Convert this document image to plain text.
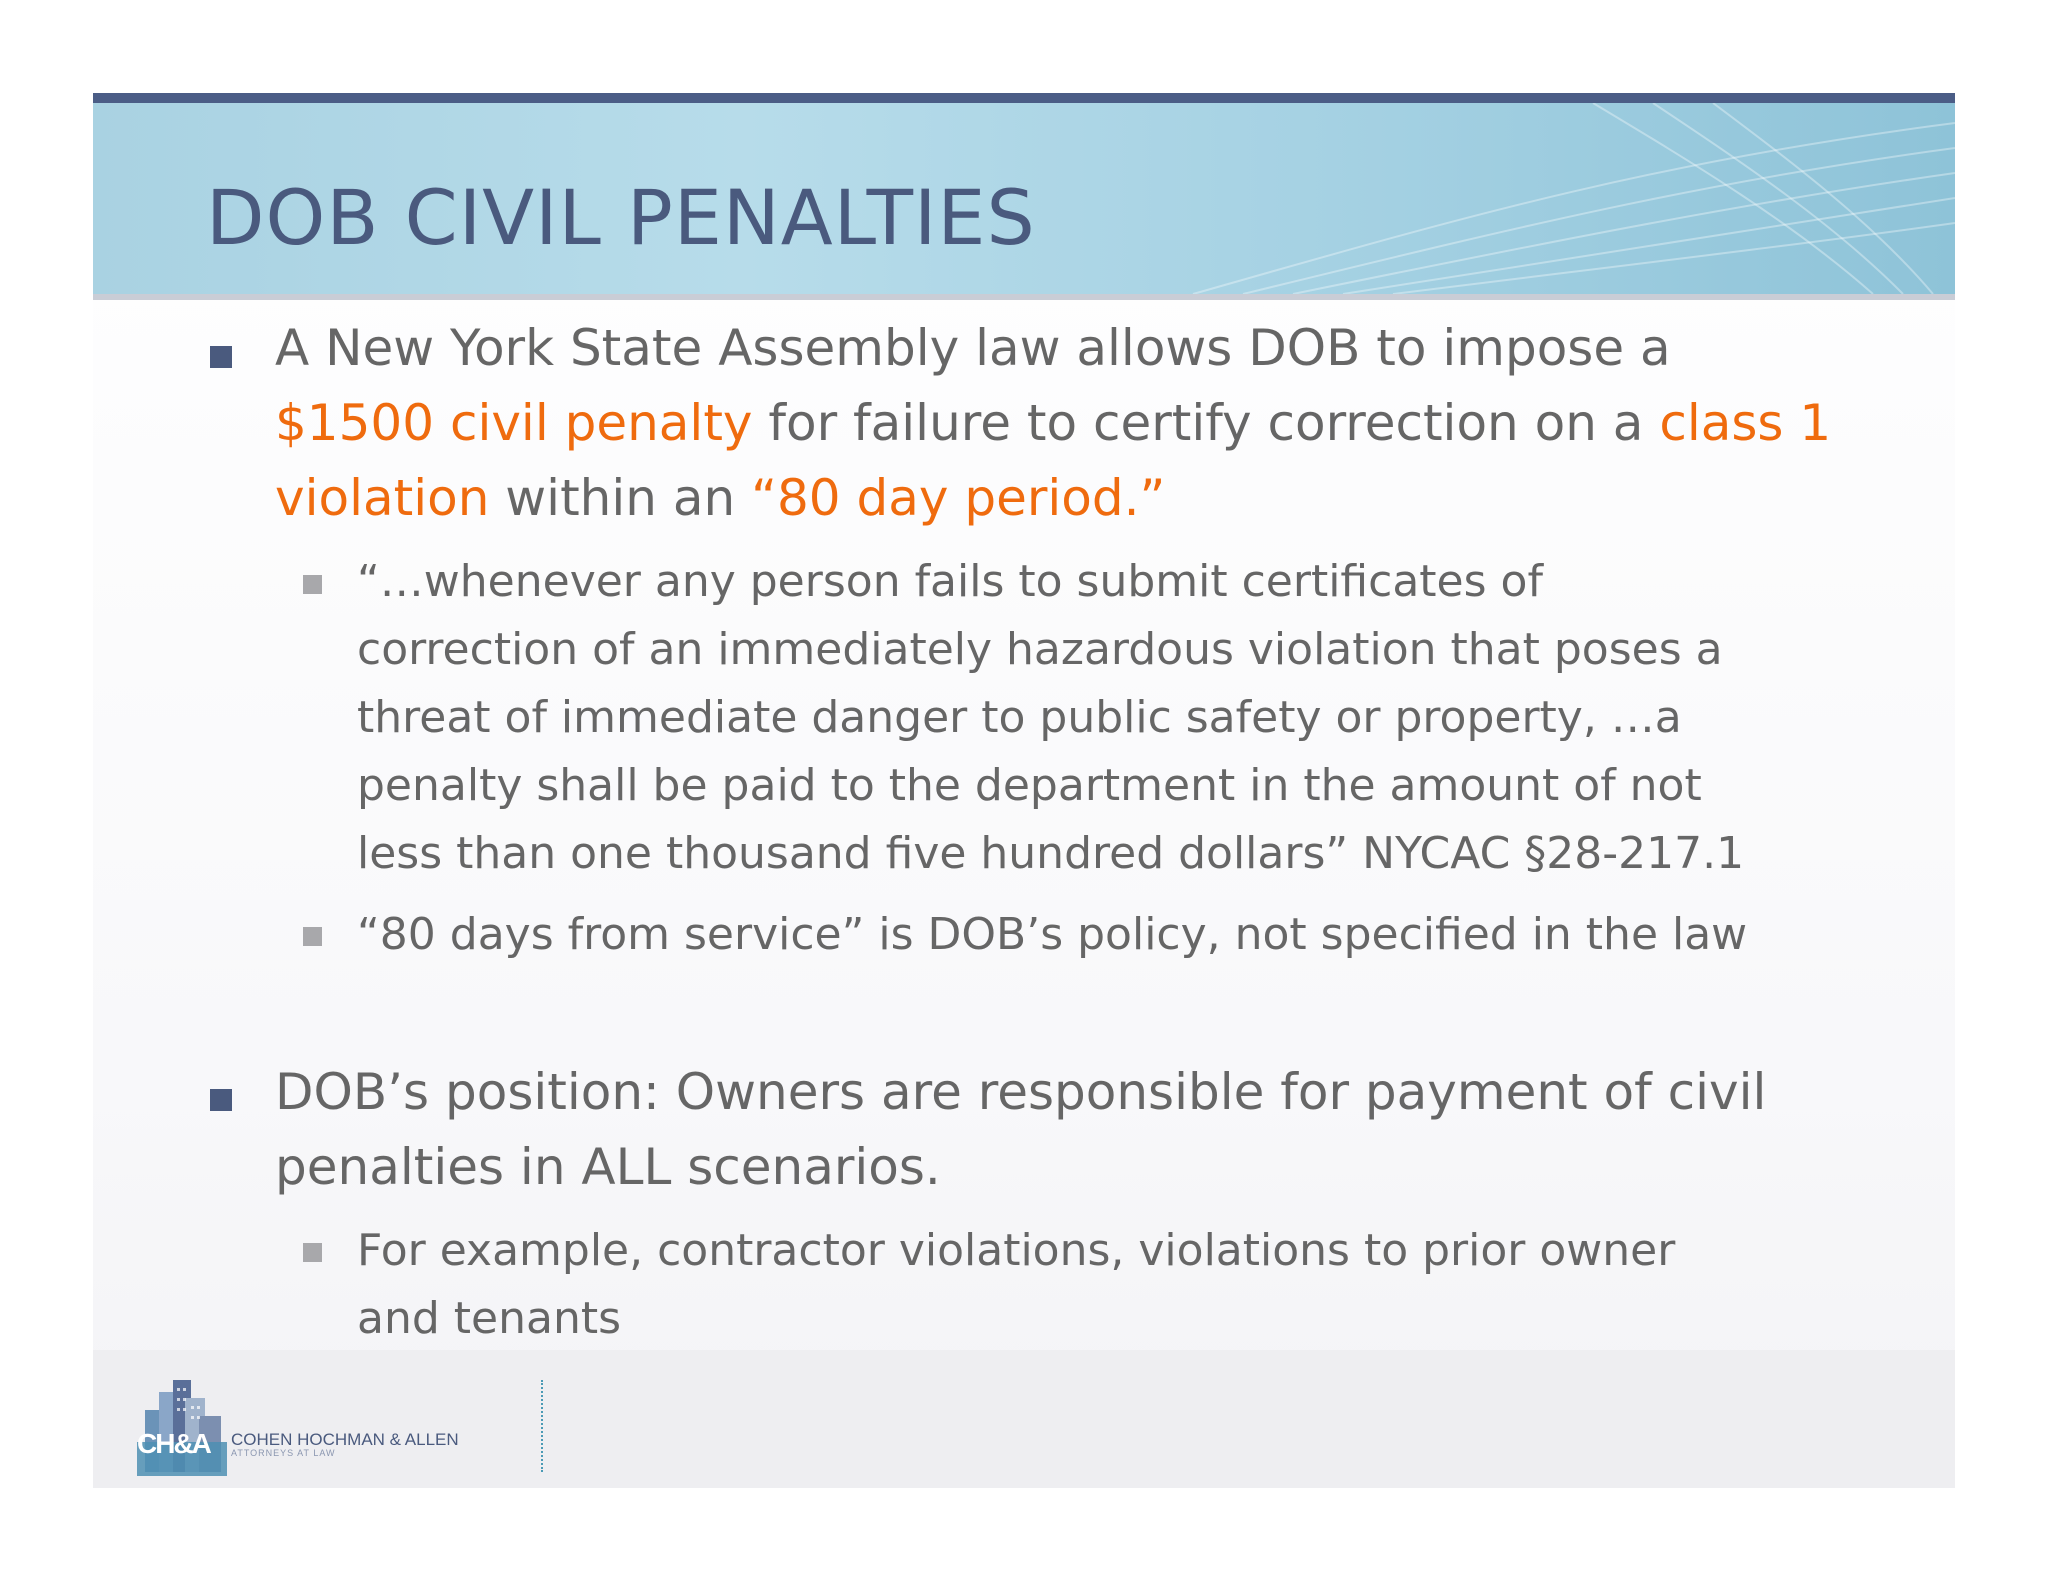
DOB CIVIL PENALTIES
A New York State Assembly law allows DOB to impose a
$1500 civil penalty for failure to certify correction on a class 1
violation within an “80 day period.”
“…whenever any person fails to submit certificates of
correction of an immediately hazardous violation that poses a
threat of immediate danger to public safety or property, …a
penalty shall be paid to the department in the amount of not
less than one thousand five hundred dollars” NYCAC §28-217.1
“80 days from service” is DOB’s policy, not specified in the law
DOB’s position: Owners are responsible for payment of civil
penalties in ALL scenarios.
For example, contractor violations, violations to prior owner
and tenants
CH&A COHEN HOCHMAN & ALLEN
ATTORNEYS AT LAW
